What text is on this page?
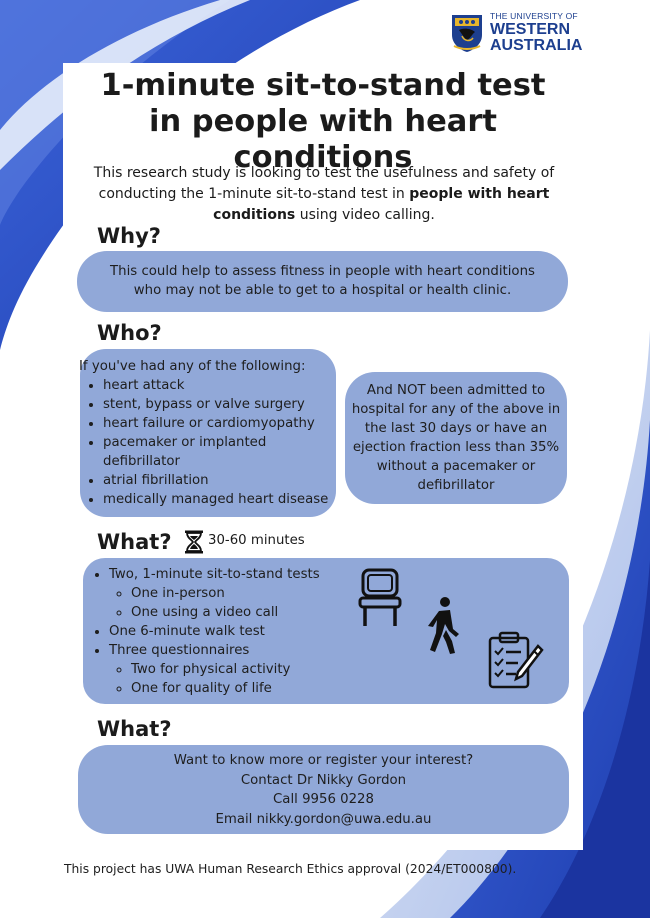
THE UNIVERSITY OF
WESTERN
AUSTRALIA
1-minute sit-to-stand test
in people with heart conditions
This research study is looking to test the usefulness and safety of conducting the 1-minute sit-to-stand test in people with heart conditions using video calling.
Why?
This could help to assess fitness in people with heart conditions who may not be able to get to a hospital or health clinic.
Who?
If you've had any of the following:
• heart attack
• stent, bypass or valve surgery
• heart failure or cardiomyopathy
• pacemaker or implanted defibrillator
• atrial fibrillation
• medically managed heart disease
And NOT been admitted to hospital for any of the above in the last 30 days or have an ejection fraction less than 35% without a pacemaker or defibrillator
What?	30-60 minutes
• Two, 1-minute sit-to-stand tests
◦ One in-person
◦ One using a video call
• One 6-minute walk test
• Three questionnaires
◦ Two for physical activity
◦ One for quality of life
What?
Want to know more or register your interest?
Contact Dr Nikky Gordon
Call 9956 0228
Email nikky.gordon@uwa.edu.au
This project has UWA Human Research Ethics approval (2024/ET000800).
